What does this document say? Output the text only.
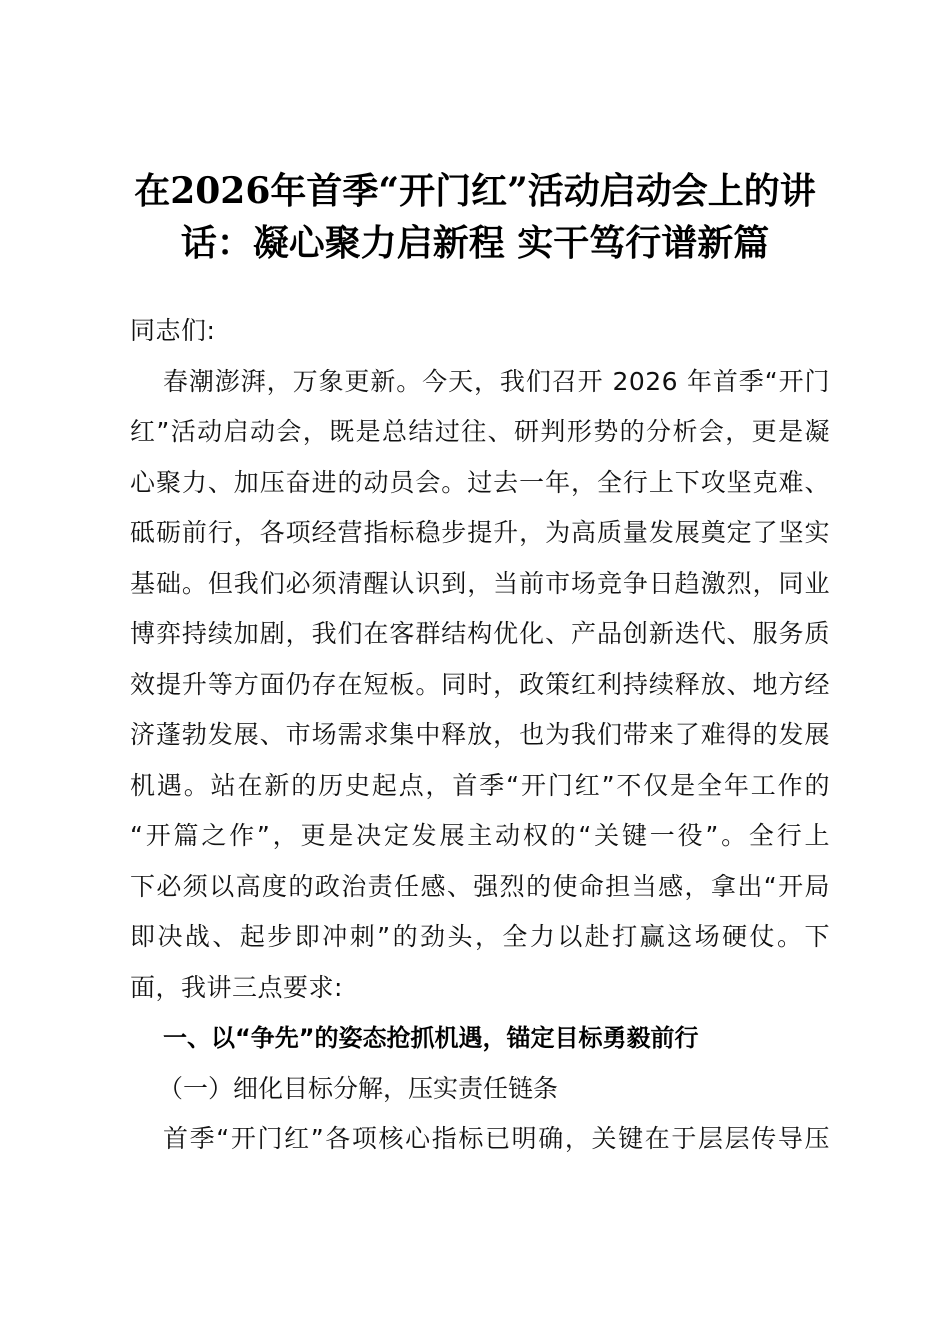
在2026年首季“开门红”活动启动会上的讲
话：凝心聚力启新程 实干笃行谱新篇
同志们:
春潮澎湃，万象更新。今天，我们召开 2026 年首季“开门
红”活动启动会，既是总结过往、研判形势的分析会，更是凝
心聚力、加压奋进的动员会。过去一年，全行上下攻坚克难、
砥砺前行，各项经营指标稳步提升，为高质量发展奠定了坚实
基础。但我们必须清醒认识到，当前市场竞争日趋激烈，同业
博弈持续加剧，我们在客群结构优化、产品创新迭代、服务质
效提升等方面仍存在短板。同时，政策红利持续释放、地方经
济蓬勃发展、市场需求集中释放，也为我们带来了难得的发展
机遇。站在新的历史起点，首季“开门红”不仅是全年工作的
“开篇之作”，更是决定发展主动权的“关键一役”。全行上
下必须以高度的政治责任感、强烈的使命担当感，拿出“开局
即决战、起步即冲刺”的劲头，全力以赴打赢这场硬仗。下
面，我讲三点要求:
一、以“争先”的姿态抢抓机遇，锚定目标勇毅前行
（一）细化目标分解，压实责任链条
首季“开门红”各项核心指标已明确，关键在于层层传导压
